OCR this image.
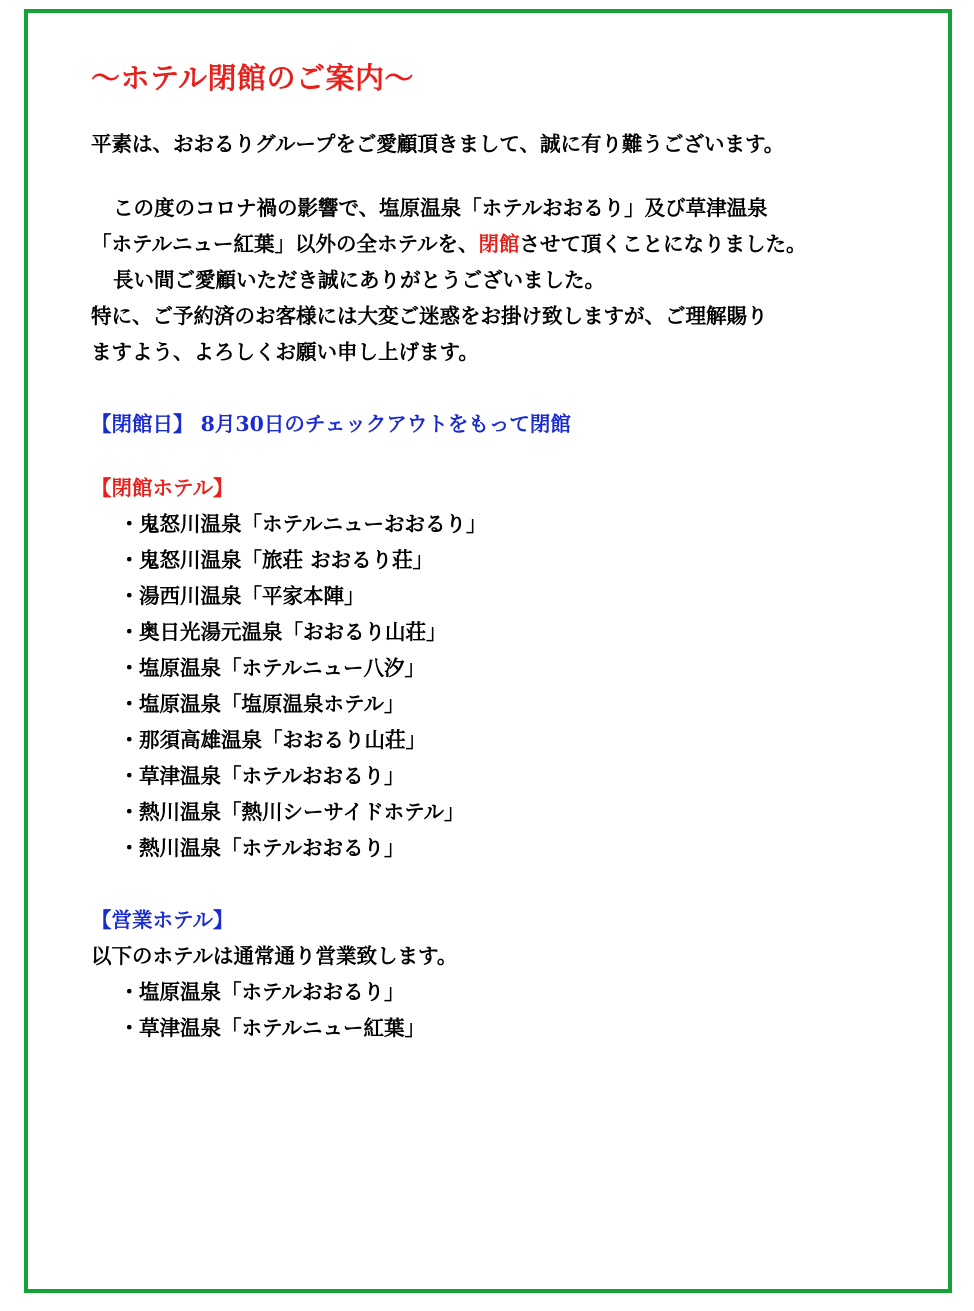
～ホテル閉館のご案内～

平素は、おおるりグループをご愛顧頂きまして、誠に有り難うございます。

この度のコロナ禍の影響で、塩原温泉「ホテルおおるり」及び草津温泉

「ホテルニュー紅葉」以外の全ホテルを、閉館させて頂くことになりました。

長い間ご愛顧いただき誠にありがとうございました。

特に、ご予約済のお客様には大変ご迷惑をお掛け致しますが、ご理解賜り

ますよう、よろしくお願い申し上げます。

【閉館日】 8月30日のチェックアウトをもって閉館

【閉館ホテル】

・鬼怒川温泉「ホテルニューおおるり」
・鬼怒川温泉「旅荘 おおるり荘」
・湯西川温泉「平家本陣」
・奥日光湯元温泉「おおるり山荘」
・塩原温泉「ホテルニュー八汐」
・塩原温泉「塩原温泉ホテル」
・那須高雄温泉「おおるり山荘」
・草津温泉「ホテルおおるり」
・熱川温泉「熱川シーサイドホテル」
・熱川温泉「ホテルおおるり」

【営業ホテル】

以下のホテルは通常通り営業致します。

・塩原温泉「ホテルおおるり」
・草津温泉「ホテルニュー紅葉」
